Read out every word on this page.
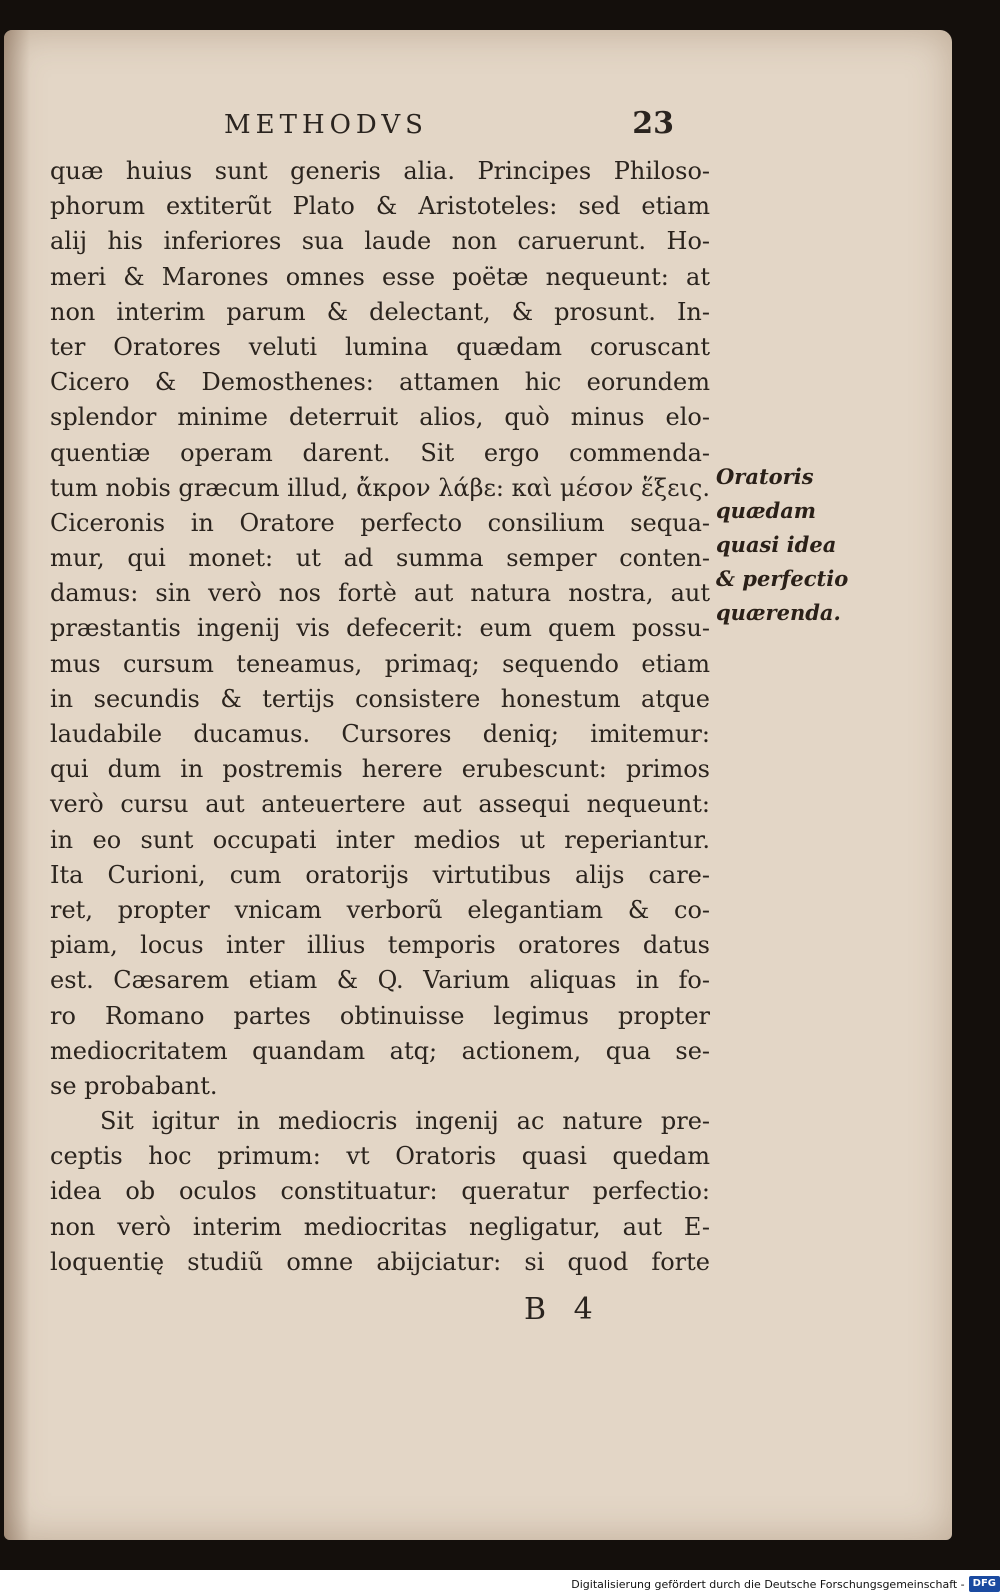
METHODVS	23
quæ huius sunt generis alia. Principes Philoso-
phorum extiterũt Plato & Aristoteles: sed etiam
alij his inferiores sua laude non caruerunt. Ho-
meri & Marones omnes esse poëtæ nequeunt: at
non interim parum & delectant, & prosunt. In-
ter Oratores veluti lumina quædam coruscant
Cicero & Demosthenes: attamen hic eorundem
splendor minime deterruit alios, quò minus elo-
quentiæ operam darent. Sit ergo commenda-
tum nobis græcum illud, ἄκρον λάβε: καὶ μέσον ἕξεις.
Ciceronis in Oratore perfecto consilium sequa-
mur, qui monet: ut ad summa semper conten-
damus: sin verò nos fortè aut natura nostra, aut
præstantis ingenij vis defecerit: eum quem possu-
mus cursum teneamus, primaq; sequendo etiam
in secundis & tertijs consistere honestum atque
laudabile ducamus. Cursores deniq; imitemur:
qui dum in postremis herere erubescunt: primos
verò cursu aut anteuertere aut assequi nequeunt:
in eo sunt occupati inter medios ut reperiantur.
Ita Curioni, cum oratorijs virtutibus alijs care-
ret, propter vnicam verborũ elegantiam & co-
piam, locus inter illius temporis oratores datus
est. Cæsarem etiam & Q. Varium aliquas in fo-
ro Romano partes obtinuisse legimus propter
mediocritatem quandam atq; actionem, qua se-
se probabant.
Sit igitur in mediocris ingenij ac nature pre-
ceptis hoc primum: vt Oratoris quasi quedam
idea ob oculos constituatur: queratur perfectio:
non verò interim mediocritas negligatur, aut E-
loquentię studiũ omne abijciatur: si quod forte
Oratoris
quædam
quasi idea
& perfectio
quærenda.
B 4
Digitalisierung gefördert durch die Deutsche Forschungsgemeinschaft - DFG
